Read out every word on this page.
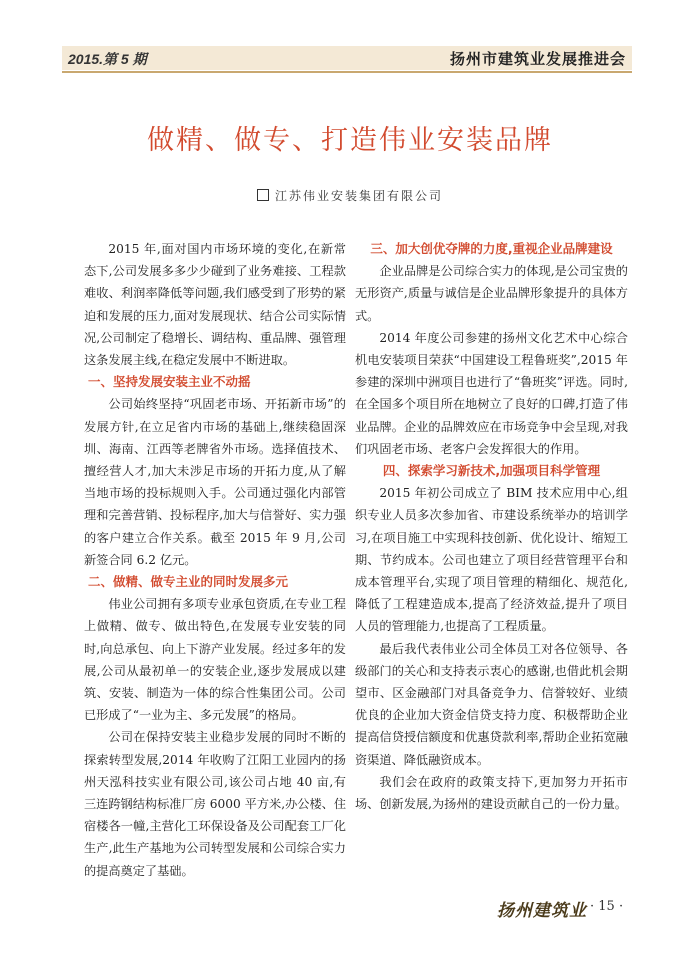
2015.第 5 期	扬州市建筑业发展推进会
做精、做专、打造伟业安装品牌
江苏伟业安装集团有限公司

2015 年,面对国内市场环境的变化,在新常态下,公司发展多多少少碰到了业务难接、工程款难收、利润率降低等问题,我们感受到了形势的紧迫和发展的压力,面对发展现状、结合公司实际情况,公司制定了稳增长、调结构、重品牌、强管理这条发展主线,在稳定发展中不断进取。

一、坚持发展安装主业不动摇

公司始终坚持“巩固老市场、开拓新市场”的发展方针,在立足省内市场的基础上,继续稳固深圳、海南、江西等老牌省外市场。选择值技术、擅经营人才,加大未涉足市场的开拓力度,从了解当地市场的投标规则入手。公司通过强化内部管理和完善营销、投标程序,加大与信誉好、实力强的客户建立合作关系。截至 2015 年 9 月,公司新签合同 6.2 亿元。

二、做精、做专主业的同时发展多元

伟业公司拥有多项专业承包资质,在专业工程上做精、做专、做出特色,在发展专业安装的同时,向总承包、向上下游产业发展。经过多年的发展,公司从最初单一的安装企业,逐步发展成以建筑、安装、制造为一体的综合性集团公司。公司已形成了“一业为主、多元发展”的格局。

公司在保持安装主业稳步发展的同时不断的探索转型发展,2014 年收购了江阳工业园内的扬州天泓科技实业有限公司,该公司占地 40 亩,有三连跨钢结构标准厂房 6000 平方米,办公楼、住宿楼各一幢,主营化工环保设备及公司配套工厂化生产,此生产基地为公司转型发展和公司综合实力的提高奠定了基础。

三、加大创优夺牌的力度,重视企业品牌建设

企业品牌是公司综合实力的体现,是公司宝贵的无形资产,质量与诚信是企业品牌形象提升的具体方式。

2014 年度公司参建的扬州文化艺术中心综合机电安装项目荣获“中国建设工程鲁班奖”,2015 年参建的深圳中洲项目也进行了“鲁班奖”评选。同时,在全国多个项目所在地树立了良好的口碑,打造了伟业品牌。企业的品牌效应在市场竞争中会呈现,对我们巩固老市场、老客户会发挥很大的作用。

四、探索学习新技术,加强项目科学管理

2015 年初公司成立了 BIM 技术应用中心,组织专业人员多次参加省、市建设系统举办的培训学习,在项目施工中实现科技创新、优化设计、缩短工期、节约成本。公司也建立了项目经营管理平台和成本管理平台,实现了项目管理的精细化、规范化,降低了工程建造成本,提高了经济效益,提升了项目人员的管理能力,也提高了工程质量。

最后我代表伟业公司全体员工对各位领导、各级部门的关心和支持表示衷心的感谢,也借此机会期望市、区金融部门对具备竞争力、信誉较好、业绩优良的企业加大资金信贷支持力度、积极帮助企业提高信贷授信额度和优惠贷款利率,帮助企业拓宽融资渠道、降低融资成本。

我们会在政府的政策支持下,更加努力开拓市场、创新发展,为扬州的建设贡献自己的一份力量。

扬州建筑业 · 15 ·
